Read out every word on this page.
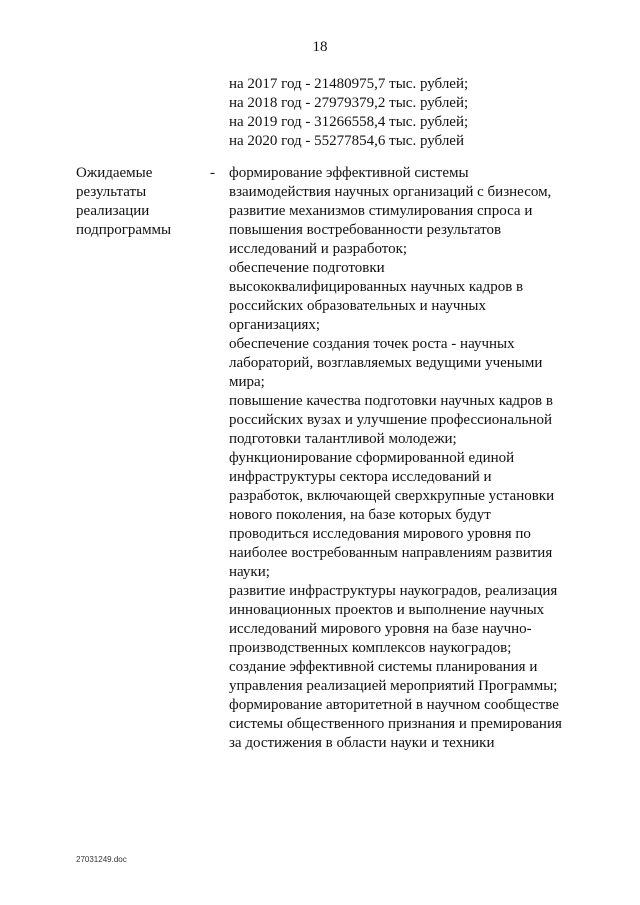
18
на 2017 год - 21480975,7 тыс. рублей;
на 2018 год - 27979379,2 тыс. рублей;
на 2019 год - 31266558,4 тыс. рублей;
на 2020 год - 55277854,6 тыс. рублей
Ожидаемые
результаты
реализации
подпрограммы
- формирование эффективной системы
взаимодействия научных организаций с бизнесом,
развитие механизмов стимулирования спроса и
повышения востребованности результатов
исследований и разработок;
обеспечение подготовки
высококвалифицированных научных кадров в
российских образовательных и научных
организациях;
обеспечение создания точек роста - научных
лабораторий, возглавляемых ведущими учеными
мира;
повышение качества подготовки научных кадров в
российских вузах и улучшение профессиональной
подготовки талантливой молодежи;
функционирование сформированной единой
инфраструктуры сектора исследований и
разработок, включающей сверхкрупные установки
нового поколения, на базе которых будут
проводиться исследования мирового уровня по
наиболее востребованным направлениям развития
науки;
развитие инфраструктуры наукоградов, реализация
инновационных проектов и выполнение научных
исследований мирового уровня на базе научно-
производственных комплексов наукоградов;
создание эффективной системы планирования и
управления реализацией мероприятий Программы;
формирование авторитетной в научном сообществе
системы общественного признания и премирования
за достижения в области науки и техники
27031249.doc
